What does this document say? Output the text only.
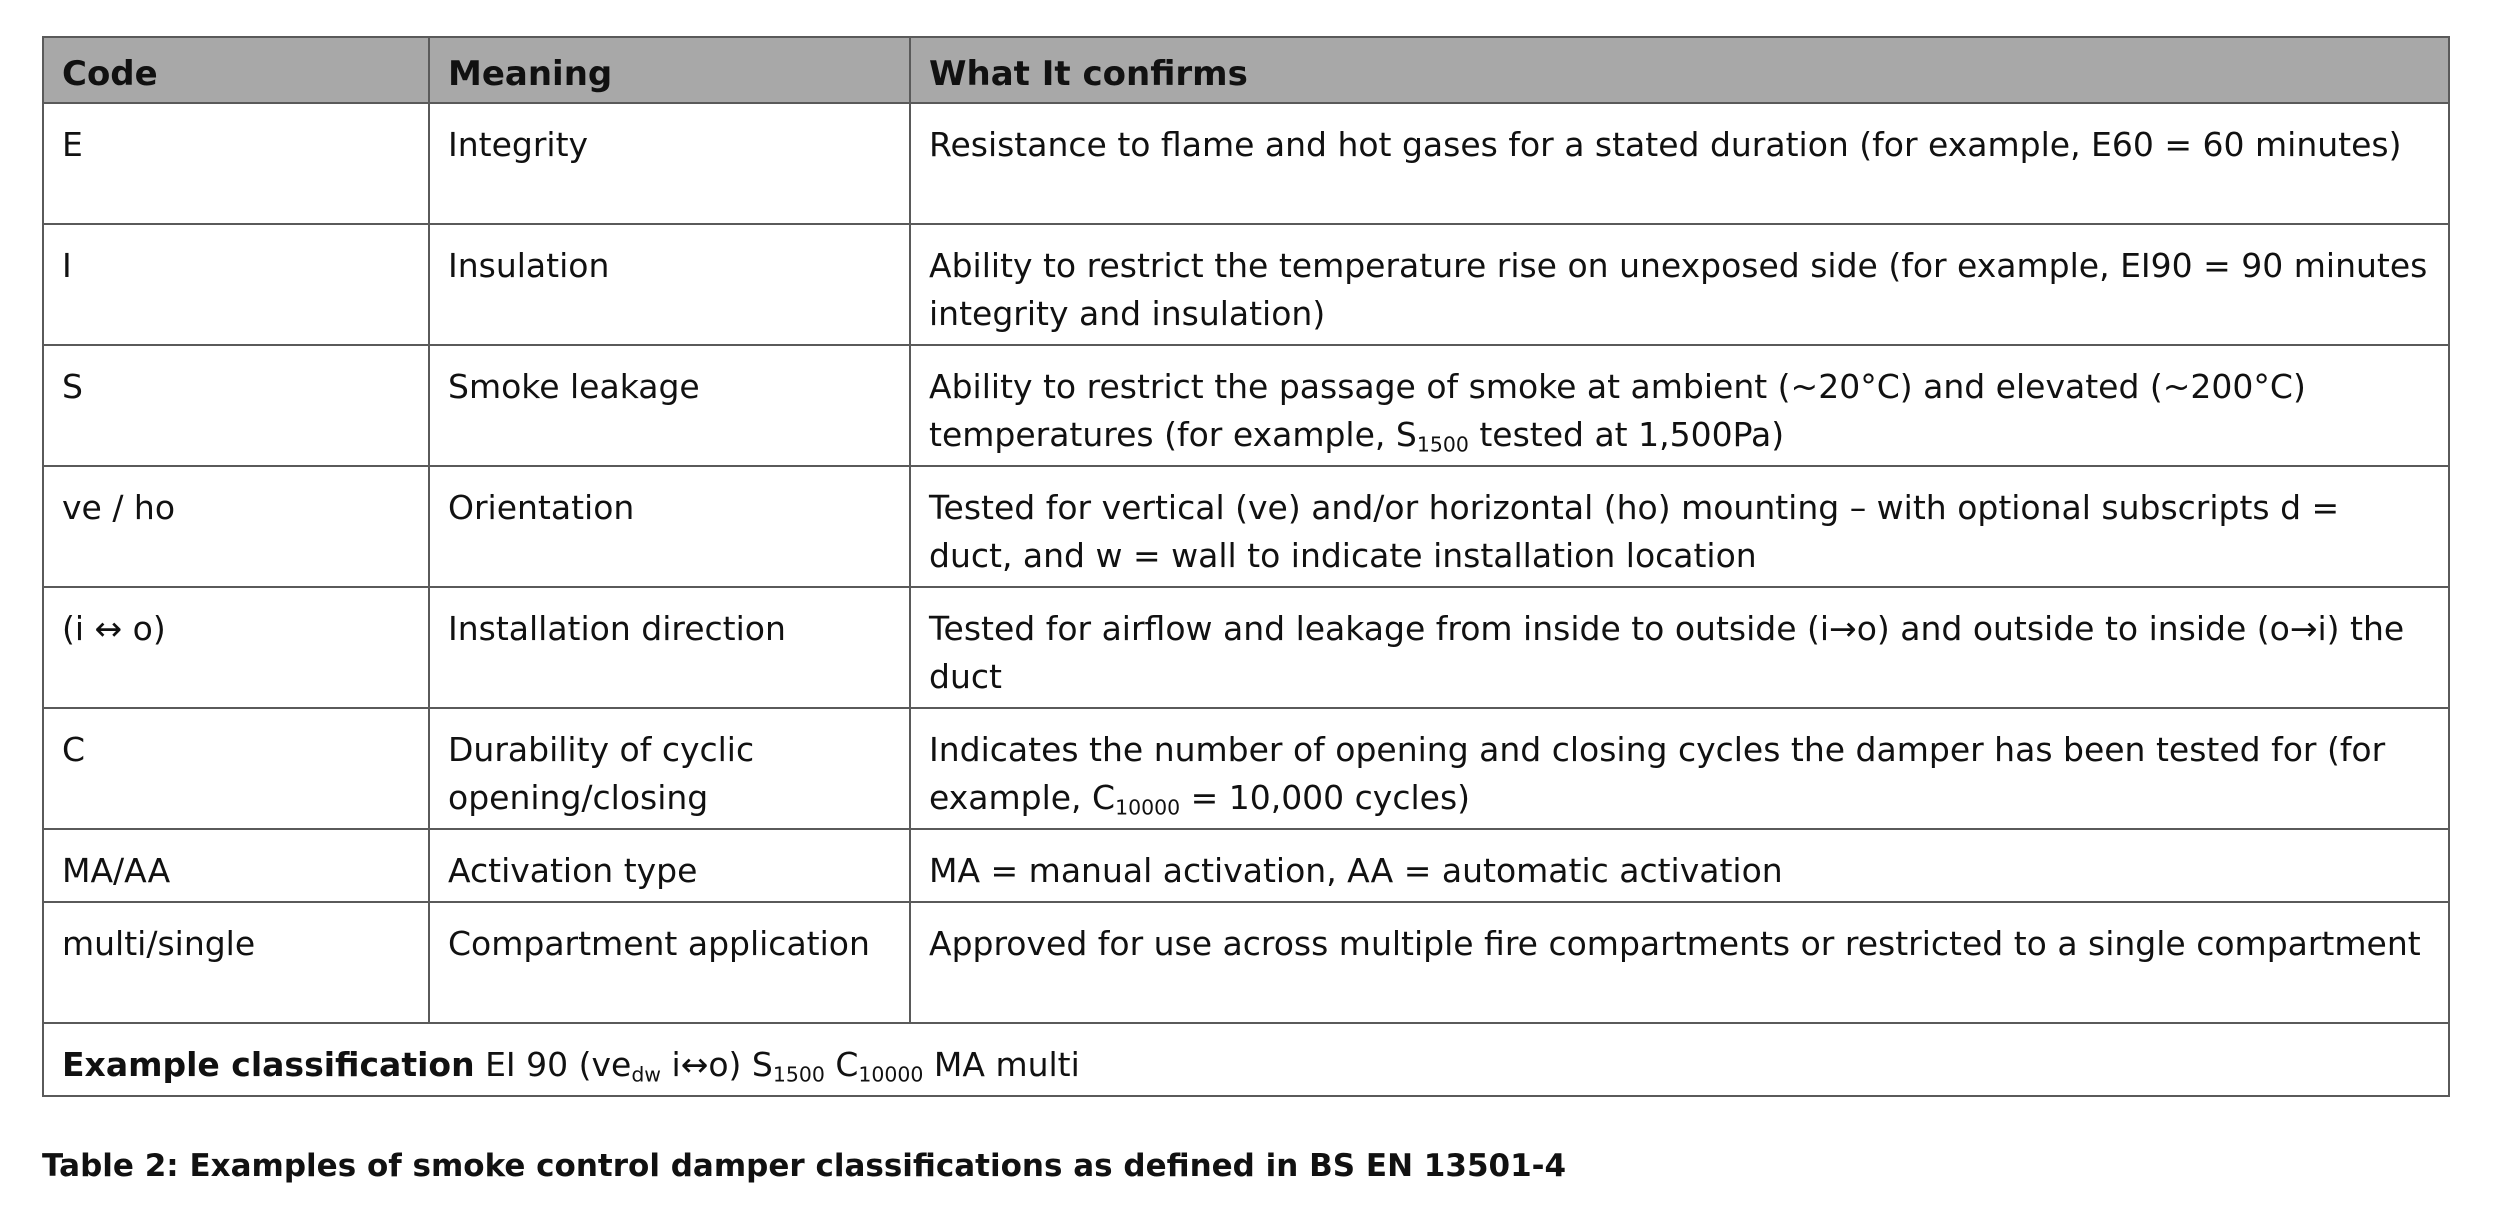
Code	Meaning	What It confirms
E	Integrity	Resistance to flame and hot gases for a stated duration (for example, E60 = 60 minutes)
I	Insulation	Ability to restrict the temperature rise on unexposed side (for example, EI90 = 90 minutes integrity and insulation)
S	Smoke leakage	Ability to restrict the passage of smoke at ambient (~20°C) and elevated (~200°C) temperatures (for example, $S_{1500}$ tested at 1,500Pa)
ve / ho	Orientation	Tested for vertical (ve) and/or horizontal (ho) mounting – with optional subscripts d = duct, and w = wall to indicate installation location
(i ↔ o)	Installation direction	Tested for airflow and leakage from inside to outside (i→o) and outside to inside (o→i) the duct
C	Durability of cyclic opening/closing	Indicates the number of opening and closing cycles the damper has been tested for (for example, $C_{10000} = 10,000$ cycles)
MA/AA	Activation type	MA = manual activation, AA = automatic activation
multi/single	Compartment application	Approved for use across multiple fire compartments or restricted to a single compartment
Example classification EI 90 ($ve_{dw}$ i↔o) $S_{1500}$ $C_{10000}$ MA multi		
Table 2: Examples of smoke control damper classifications as defined in BS EN 13501-4
